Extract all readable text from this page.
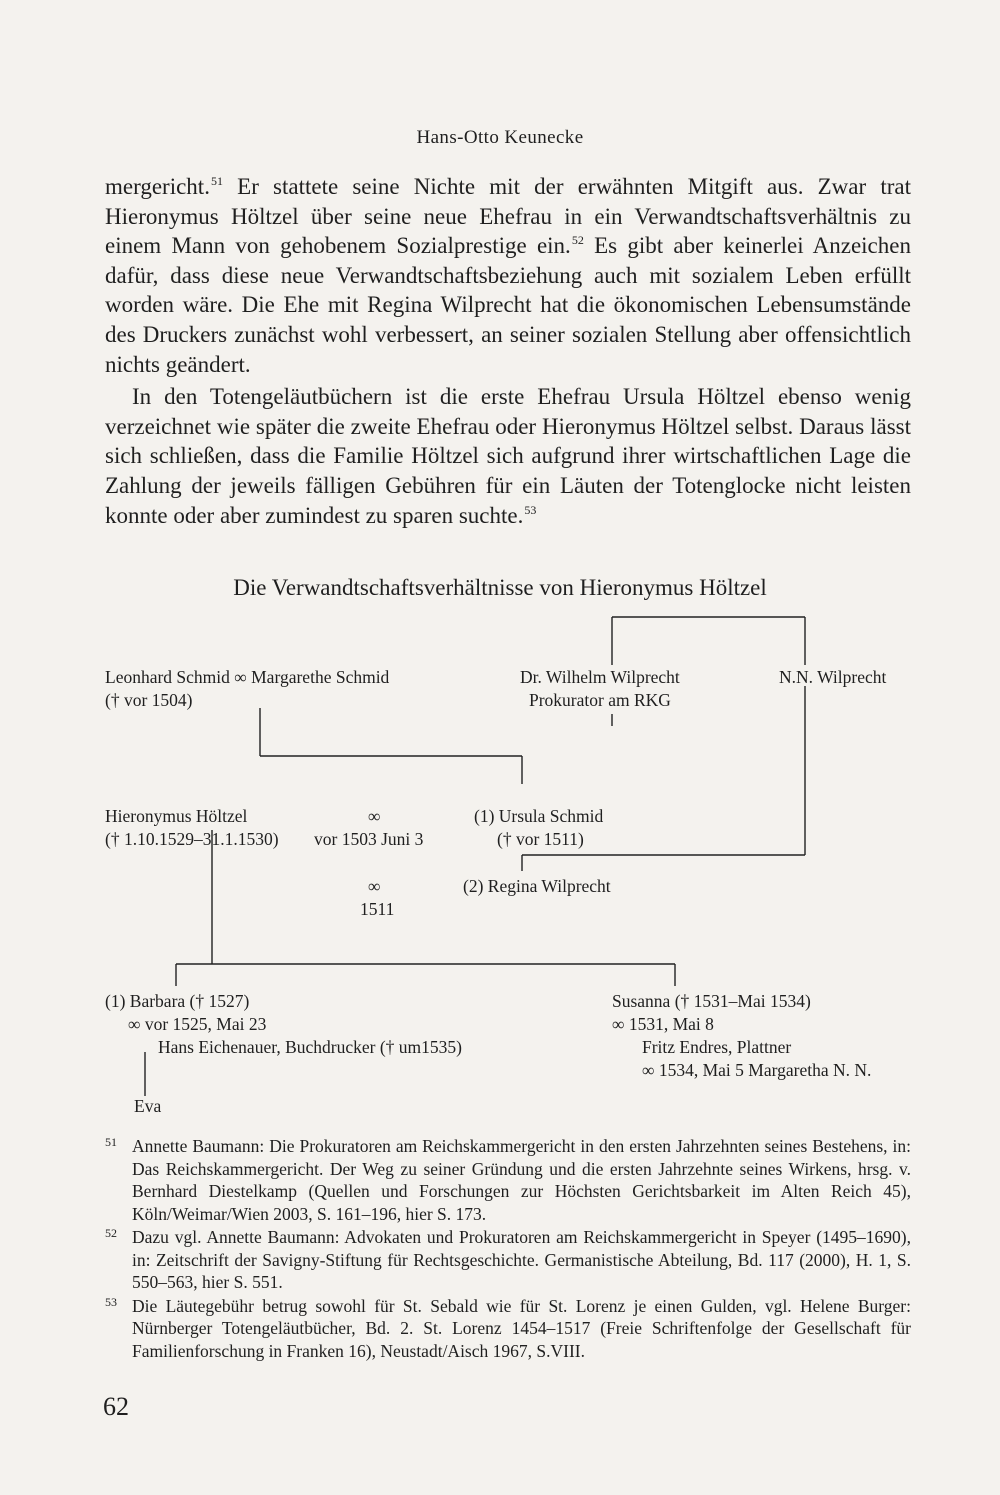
Hans-Otto Keunecke

mergericht.$^{51}$ Er stattete seine Nichte mit der erwähnten Mitgift aus. Zwar trat Hieronymus Höltzel über seine neue Ehefrau in ein Verwandtschaftsverhältnis zu einem Mann von gehobenem Sozialprestige ein.$^{52}$ Es gibt aber keinerlei Anzeichen dafür, dass diese neue Verwandtschaftsbeziehung auch mit sozialem Leben erfüllt worden wäre. Die Ehe mit Regina Wilprecht hat die ökonomischen Lebensumstände des Druckers zunächst wohl verbessert, an seiner sozialen Stellung aber offensichtlich nichts geändert.

In den Totengeläutbüchern ist die erste Ehefrau Ursula Höltzel ebenso wenig verzeichnet wie später die zweite Ehefrau oder Hieronymus Höltzel selbst. Daraus lässt sich schließen, dass die Familie Höltzel sich aufgrund ihrer wirtschaftlichen Lage die Zahlung der jeweils fälligen Gebühren für ein Läuten der Totenglocke nicht leisten konnte oder aber zumindest zu sparen suchte.$^{53}$

Die Verwandtschaftsverhältnisse von Hieronymus Höltzel
Leonhard Schmid ∞ Margarethe Schmid
(† vor 1504)
Dr. Wilhelm Wilprecht
Prokurator am RKG
N.N. Wilprecht
Hieronymus Höltzel
(† 1.10.1529–31.1.1530)
∞
vor 1503 Juni 3
(1) Ursula Schmid
(† vor 1511)
∞
1511
(2) Regina Wilprecht
(1) Barbara († 1527)
∞ vor 1525, Mai 23
Hans Eichenauer, Buchdrucker († um1535)
Eva
Susanna († 1531–Mai 1534)
∞ 1531, Mai 8
Fritz Endres, Plattner
∞ 1534, Mai 5 Margaretha N. N.
51 Annette Baumann: Die Prokuratoren am Reichskammergericht in den ersten Jahrzehnten seines Bestehens, in: Das Reichskammergericht. Der Weg zu seiner Gründung und die ersten Jahrzehnte seines Wirkens, hrsg. v. Bernhard Diestelkamp (Quellen und Forschungen zur Höchsten Gerichtsbarkeit im Alten Reich 45), Köln/Weimar/Wien 2003, S. 161–196, hier S. 173.
52 Dazu vgl. Annette Baumann: Advokaten und Prokuratoren am Reichskammergericht in Speyer (1495–1690), in: Zeitschrift der Savigny-Stiftung für Rechtsgeschichte. Germanistische Abteilung, Bd. 117 (2000), H. 1, S. 550–563, hier S. 551.
53 Die Läutegebühr betrug sowohl für St. Sebald wie für St. Lorenz je einen Gulden, vgl. Helene Burger: Nürnberger Totengeläutbücher, Bd. 2. St. Lorenz 1454–1517 (Freie Schriftenfolge der Gesellschaft für Familienforschung in Franken 16), Neustadt/Aisch 1967, S.VIII.
62
